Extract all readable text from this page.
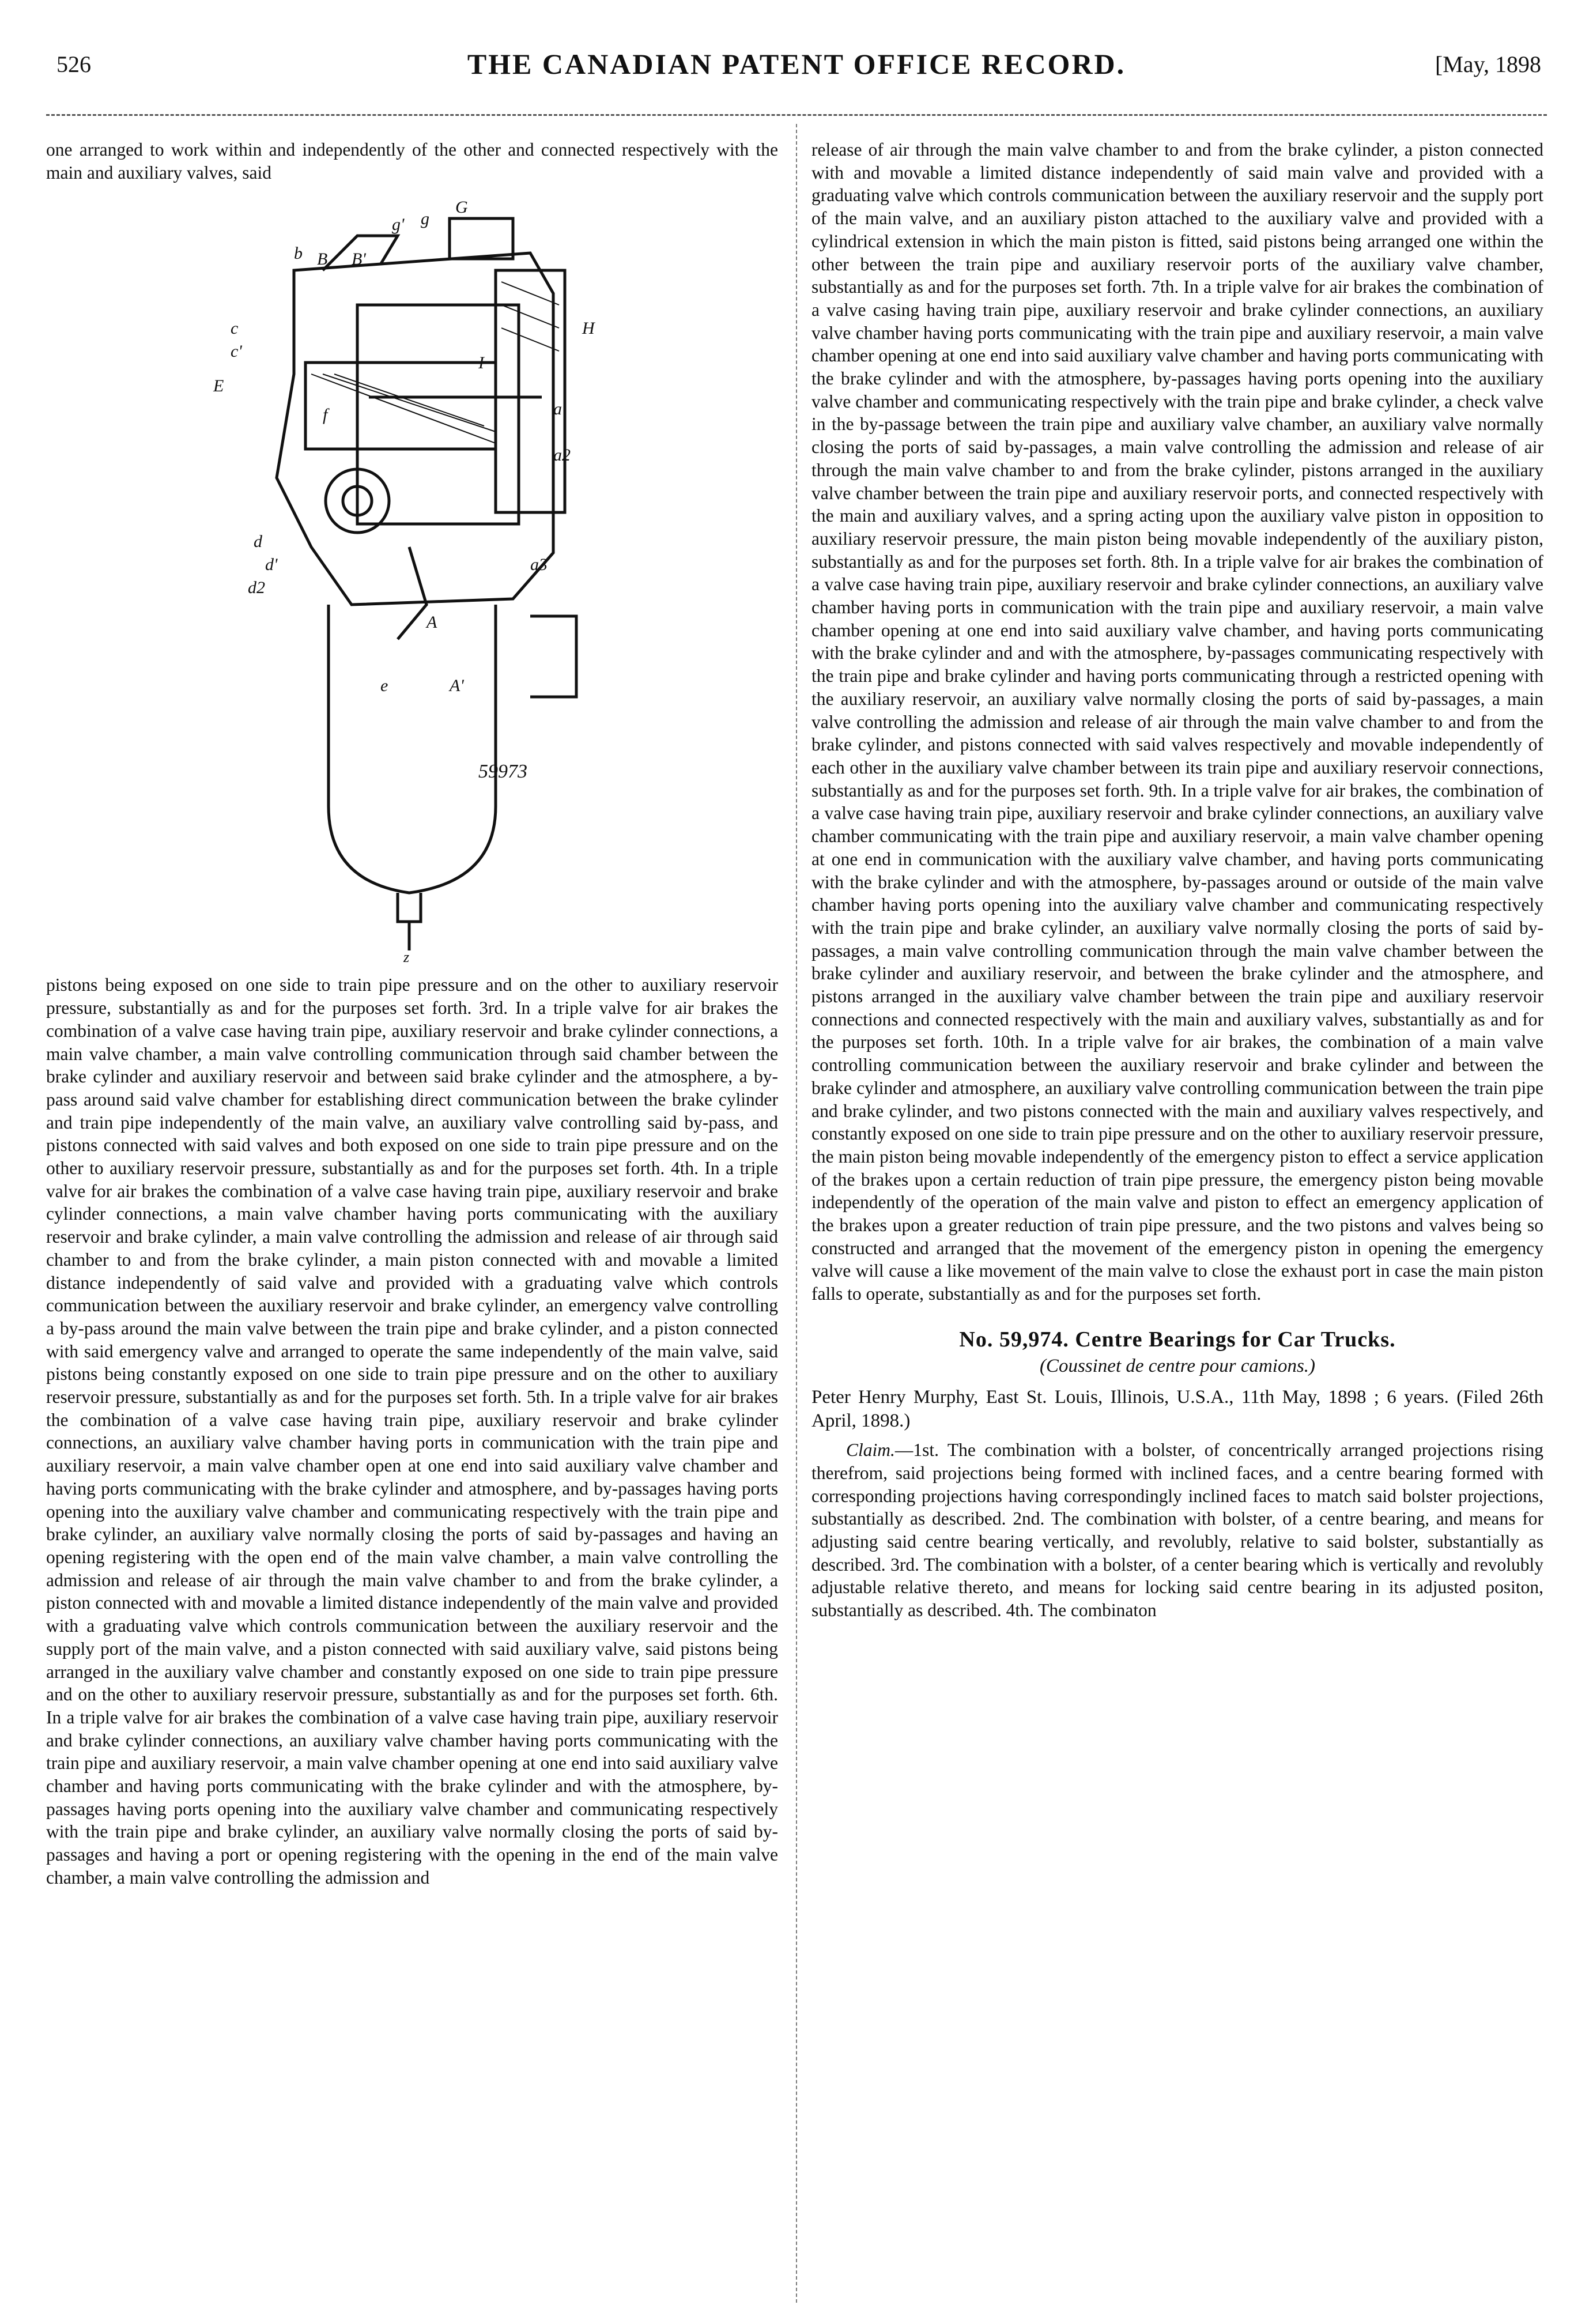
526	THE CANADIAN PATENT OFFICE RECORD.	[May, 1898

one arranged to work within and independently of the other and connected respectively with the main and auxiliary valves, said

G
g
g'
b B B'
c
c'
H
E
I
A
A'
a
a2
a3
d
d'
d2
e
f
59973
z

pistons being exposed on one side to train pipe pressure and on the other to auxiliary reservoir pressure, substantially as and for the purposes set forth. 3rd. In a triple valve for air brakes the combination of a valve case having train pipe, auxiliary reservoir and brake cylinder connections, a main valve chamber, a main valve controlling communication through said chamber between the brake cylinder and auxiliary reservoir and between said brake cylinder and the atmosphere, a by-pass around said valve chamber for establishing direct communication between the brake cylinder and train pipe independently of the main valve, an auxiliary valve controlling said by-pass, and pistons connected with said valves and both exposed on one side to train pipe pressure and on the other to auxiliary reservoir pressure, substantially as and for the purposes set forth. 4th. In a triple valve for air brakes the combination of a valve case having train pipe, auxiliary reservoir and brake cylinder connections, a main valve chamber having ports communicating with the auxiliary reservoir and brake cylinder, a main valve controlling the admission and release of air through said chamber to and from the brake cylinder, a main piston connected with and movable a limited distance independently of said valve and provided with a graduating valve which controls communication between the auxiliary reservoir and brake cylinder, an emergency valve controlling a by-pass around the main valve between the train pipe and brake cylinder, and a piston connected with said emergency valve and arranged to operate the same independently of the main valve, said pistons being constantly exposed on one side to train pipe pressure and on the other to auxiliary reservoir pressure, substantially as and for the purposes set forth. 5th. In a triple valve for air brakes the combination of a valve case having train pipe, auxiliary reservoir and brake cylinder connections, an auxiliary valve chamber having ports in communication with the train pipe and auxiliary reservoir, a main valve chamber open at one end into said auxiliary valve chamber and having ports communicating with the brake cylinder and atmosphere, and by-passages having ports opening into the auxiliary valve chamber and communicating respectively with the train pipe and brake cylinder, an auxiliary valve normally closing the ports of said by-passages and having an opening registering with the open end of the main valve chamber, a main valve controlling the admission and release of air through the main valve chamber to and from the brake cylinder, a piston connected with and movable a limited distance independently of the main valve and provided with a graduating valve which controls communication between the auxiliary reservoir and the supply port of the main valve, and a piston connected with said auxiliary valve, said pistons being arranged in the auxiliary valve chamber and constantly exposed on one side to train pipe pressure and on the other to auxiliary reservoir pressure, substantially as and for the purposes set forth. 6th. In a triple valve for air brakes the combination of a valve case having train pipe, auxiliary reservoir and brake cylinder connections, an auxiliary valve chamber having ports communicating with the train pipe and auxiliary reservoir, a main valve chamber opening at one end into said auxiliary valve chamber and having ports communicating with the brake cylinder and with the atmosphere, by-passages having ports opening into the auxiliary valve chamber and communicating respectively with the train pipe and brake cylinder, an auxiliary valve normally closing the ports of said by-passages and having a port or opening registering with the opening in the end of the main valve chamber, a main valve controlling the admission and

release of air through the main valve chamber to and from the brake cylinder, a piston connected with and movable a limited distance independently of said main valve and provided with a graduating valve which controls communication between the auxiliary reservoir and the supply port of the main valve, and an auxiliary piston attached to the auxiliary valve and provided with a cylindrical extension in which the main piston is fitted, said pistons being arranged one within the other between the train pipe and auxiliary reservoir ports of the auxiliary valve chamber, substantially as and for the purposes set forth. 7th. In a triple valve for air brakes the combination of a valve casing having train pipe, auxiliary reservoir and brake cylinder connections, an auxiliary valve chamber having ports communicating with the train pipe and auxiliary reservoir, a main valve chamber opening at one end into said auxiliary valve chamber and having ports communicating with the brake cylinder and with the atmosphere, by-passages having ports opening into the auxiliary valve chamber and communicating respectively with the train pipe and brake cylinder, a check valve in the by-passage between the train pipe and auxiliary valve chamber, an auxiliary valve normally closing the ports of said by-passages, a main valve controlling the admission and release of air through the main valve chamber to and from the brake cylinder, pistons arranged in the auxiliary valve chamber between the train pipe and auxiliary reservoir ports, and connected respectively with the main and auxiliary valves, and a spring acting upon the auxiliary valve piston in opposition to auxiliary reservoir pressure, the main piston being movable independently of the auxiliary piston, substantially as and for the purposes set forth. 8th. In a triple valve for air brakes the combination of a valve case having train pipe, auxiliary reservoir and brake cylinder connections, an auxiliary valve chamber having ports in communication with the train pipe and auxiliary reservoir, a main valve chamber opening at one end into said auxiliary valve chamber, and having ports communicating with the brake cylinder and and with the atmosphere, by-passages communicating respectively with the train pipe and brake cylinder and having ports communicating through a restricted opening with the auxiliary reservoir, an auxiliary valve normally closing the ports of said by-passages, a main valve controlling the admission and release of air through the main valve chamber to and from the brake cylinder, and pistons connected with said valves respectively and movable independently of each other in the auxiliary valve chamber between its train pipe and auxiliary reservoir connections, substantially as and for the purposes set forth. 9th. In a triple valve for air brakes, the combination of a valve case having train pipe, auxiliary reservoir and brake cylinder connections, an auxiliary valve chamber communicating with the train pipe and auxiliary reservoir, a main valve chamber opening at one end in communication with the auxiliary valve chamber, and having ports communicating with the brake cylinder and with the atmosphere, by-passages around or outside of the main valve chamber having ports opening into the auxiliary valve chamber and communicating respectively with the train pipe and brake cylinder, an auxiliary valve normally closing the ports of said by-passages, a main valve controlling communication through the main valve chamber between the brake cylinder and auxiliary reservoir, and between the brake cylinder and the atmosphere, and pistons arranged in the auxiliary valve chamber between the train pipe and auxiliary reservoir connections and connected respectively with the main and auxiliary valves, substantially as and for the purposes set forth. 10th. In a triple valve for air brakes, the combination of a main valve controlling communication between the auxiliary reservoir and brake cylinder and between the brake cylinder and atmosphere, an auxiliary valve controlling communication between the train pipe and brake cylinder, and two pistons connected with the main and auxiliary valves respectively, and constantly exposed on one side to train pipe pressure and on the other to auxiliary reservoir pressure, the main piston being movable independently of the emergency piston to effect a service application of the brakes upon a certain reduction of train pipe pressure, the emergency piston being movable independently of the operation of the main valve and piston to effect an emergency application of the brakes upon a greater reduction of train pipe pressure, and the two pistons and valves being so constructed and arranged that the movement of the emergency piston in opening the emergency valve will cause a like movement of the main valve to close the exhaust port in case the main piston falls to operate, substantially as and for the purposes set forth.

No. 59,974. Centre Bearings for Car Trucks.
(Coussinet de centre pour camions.)

Peter Henry Murphy, East St. Louis, Illinois, U.S.A., 11th May, 1898 ; 6 years. (Filed 26th April, 1898.)

Claim.—1st. The combination with a bolster, of concentrically arranged projections rising therefrom, said projections being formed with inclined faces, and a centre bearing formed with corresponding projections having correspondingly inclined faces to match said bolster projections, substantially as described. 2nd. The combination with bolster, of a centre bearing, and means for adjusting said centre bearing vertically, and revolubly, relative to said bolster, substantially as described. 3rd. The combination with a bolster, of a center bearing which is vertically and revolubly adjustable relative thereto, and means for locking said centre bearing in its adjusted positon, substantially as described. 4th. The combinaton
